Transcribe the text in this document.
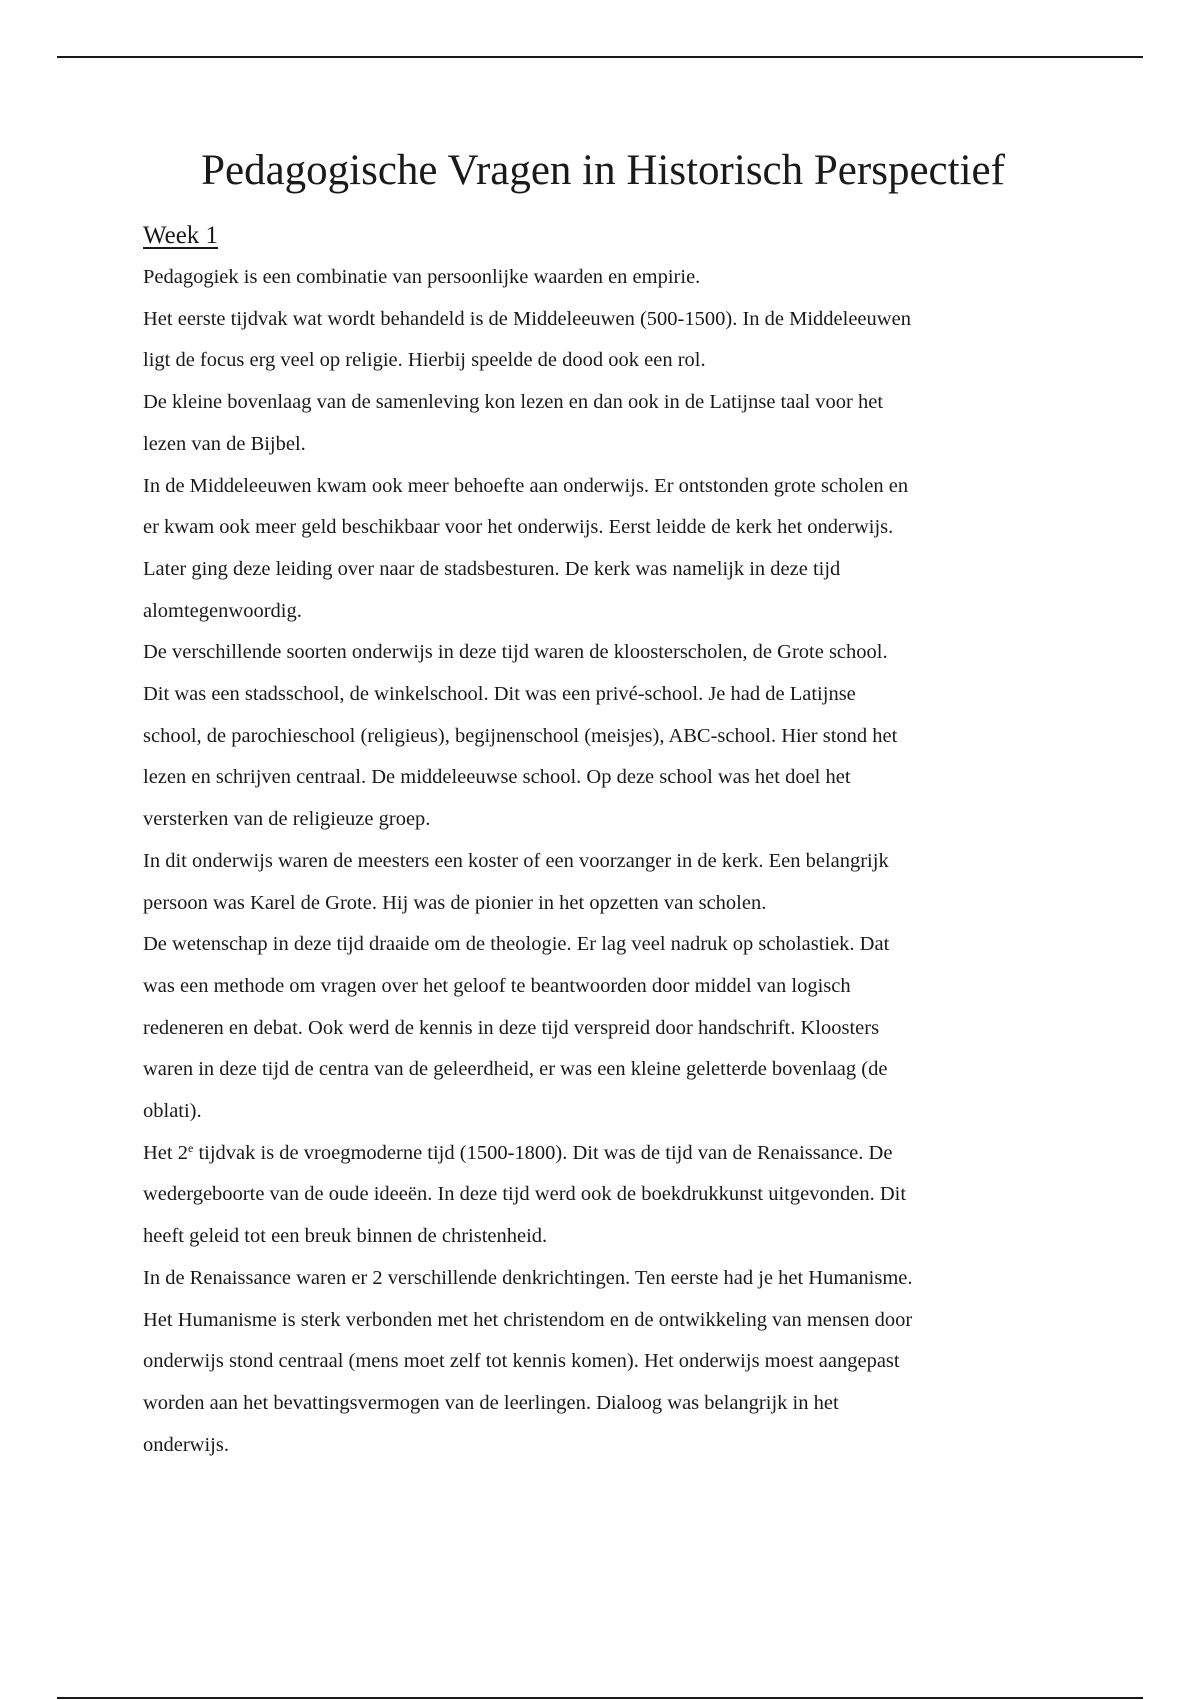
Pedagogische Vragen in Historisch Perspectief
Week 1

Pedagogiek is een combinatie van persoonlijke waarden en empirie.

Het eerste tijdvak wat wordt behandeld is de Middeleeuwen (500-1500). In de Middeleeuwen
ligt de focus erg veel op religie. Hierbij speelde de dood ook een rol.

De kleine bovenlaag van de samenleving kon lezen en dan ook in de Latijnse taal voor het
lezen van de Bijbel.

In de Middeleeuwen kwam ook meer behoefte aan onderwijs. Er ontstonden grote scholen en
er kwam ook meer geld beschikbaar voor het onderwijs. Eerst leidde de kerk het onderwijs.
Later ging deze leiding over naar de stadsbesturen. De kerk was namelijk in deze tijd
alomtegenwoordig.

De verschillende soorten onderwijs in deze tijd waren de kloosterscholen, de Grote school.
Dit was een stadsschool, de winkelschool. Dit was een privé-school. Je had de Latijnse
school, de parochieschool (religieus), begijnenschool (meisjes), ABC-school. Hier stond het
lezen en schrijven centraal. De middeleeuwse school. Op deze school was het doel het
versterken van de religieuze groep.

In dit onderwijs waren de meesters een koster of een voorzanger in de kerk. Een belangrijk
persoon was Karel de Grote. Hij was de pionier in het opzetten van scholen.

De wetenschap in deze tijd draaide om de theologie. Er lag veel nadruk op scholastiek. Dat
was een methode om vragen over het geloof te beantwoorden door middel van logisch
redeneren en debat. Ook werd de kennis in deze tijd verspreid door handschrift. Kloosters
waren in deze tijd de centra van de geleerdheid, er was een kleine geletterde bovenlaag (de
oblati).

Het 2e tijdvak is de vroegmoderne tijd (1500-1800). Dit was de tijd van de Renaissance. De
wedergeboorte van de oude ideeën. In deze tijd werd ook de boekdrukkunst uitgevonden. Dit
heeft geleid tot een breuk binnen de christenheid.

In de Renaissance waren er 2 verschillende denkrichtingen. Ten eerste had je het Humanisme.
Het Humanisme is sterk verbonden met het christendom en de ontwikkeling van mensen door
onderwijs stond centraal (mens moet zelf tot kennis komen). Het onderwijs moest aangepast
worden aan het bevattingsvermogen van de leerlingen. Dialoog was belangrijk in het
onderwijs.
